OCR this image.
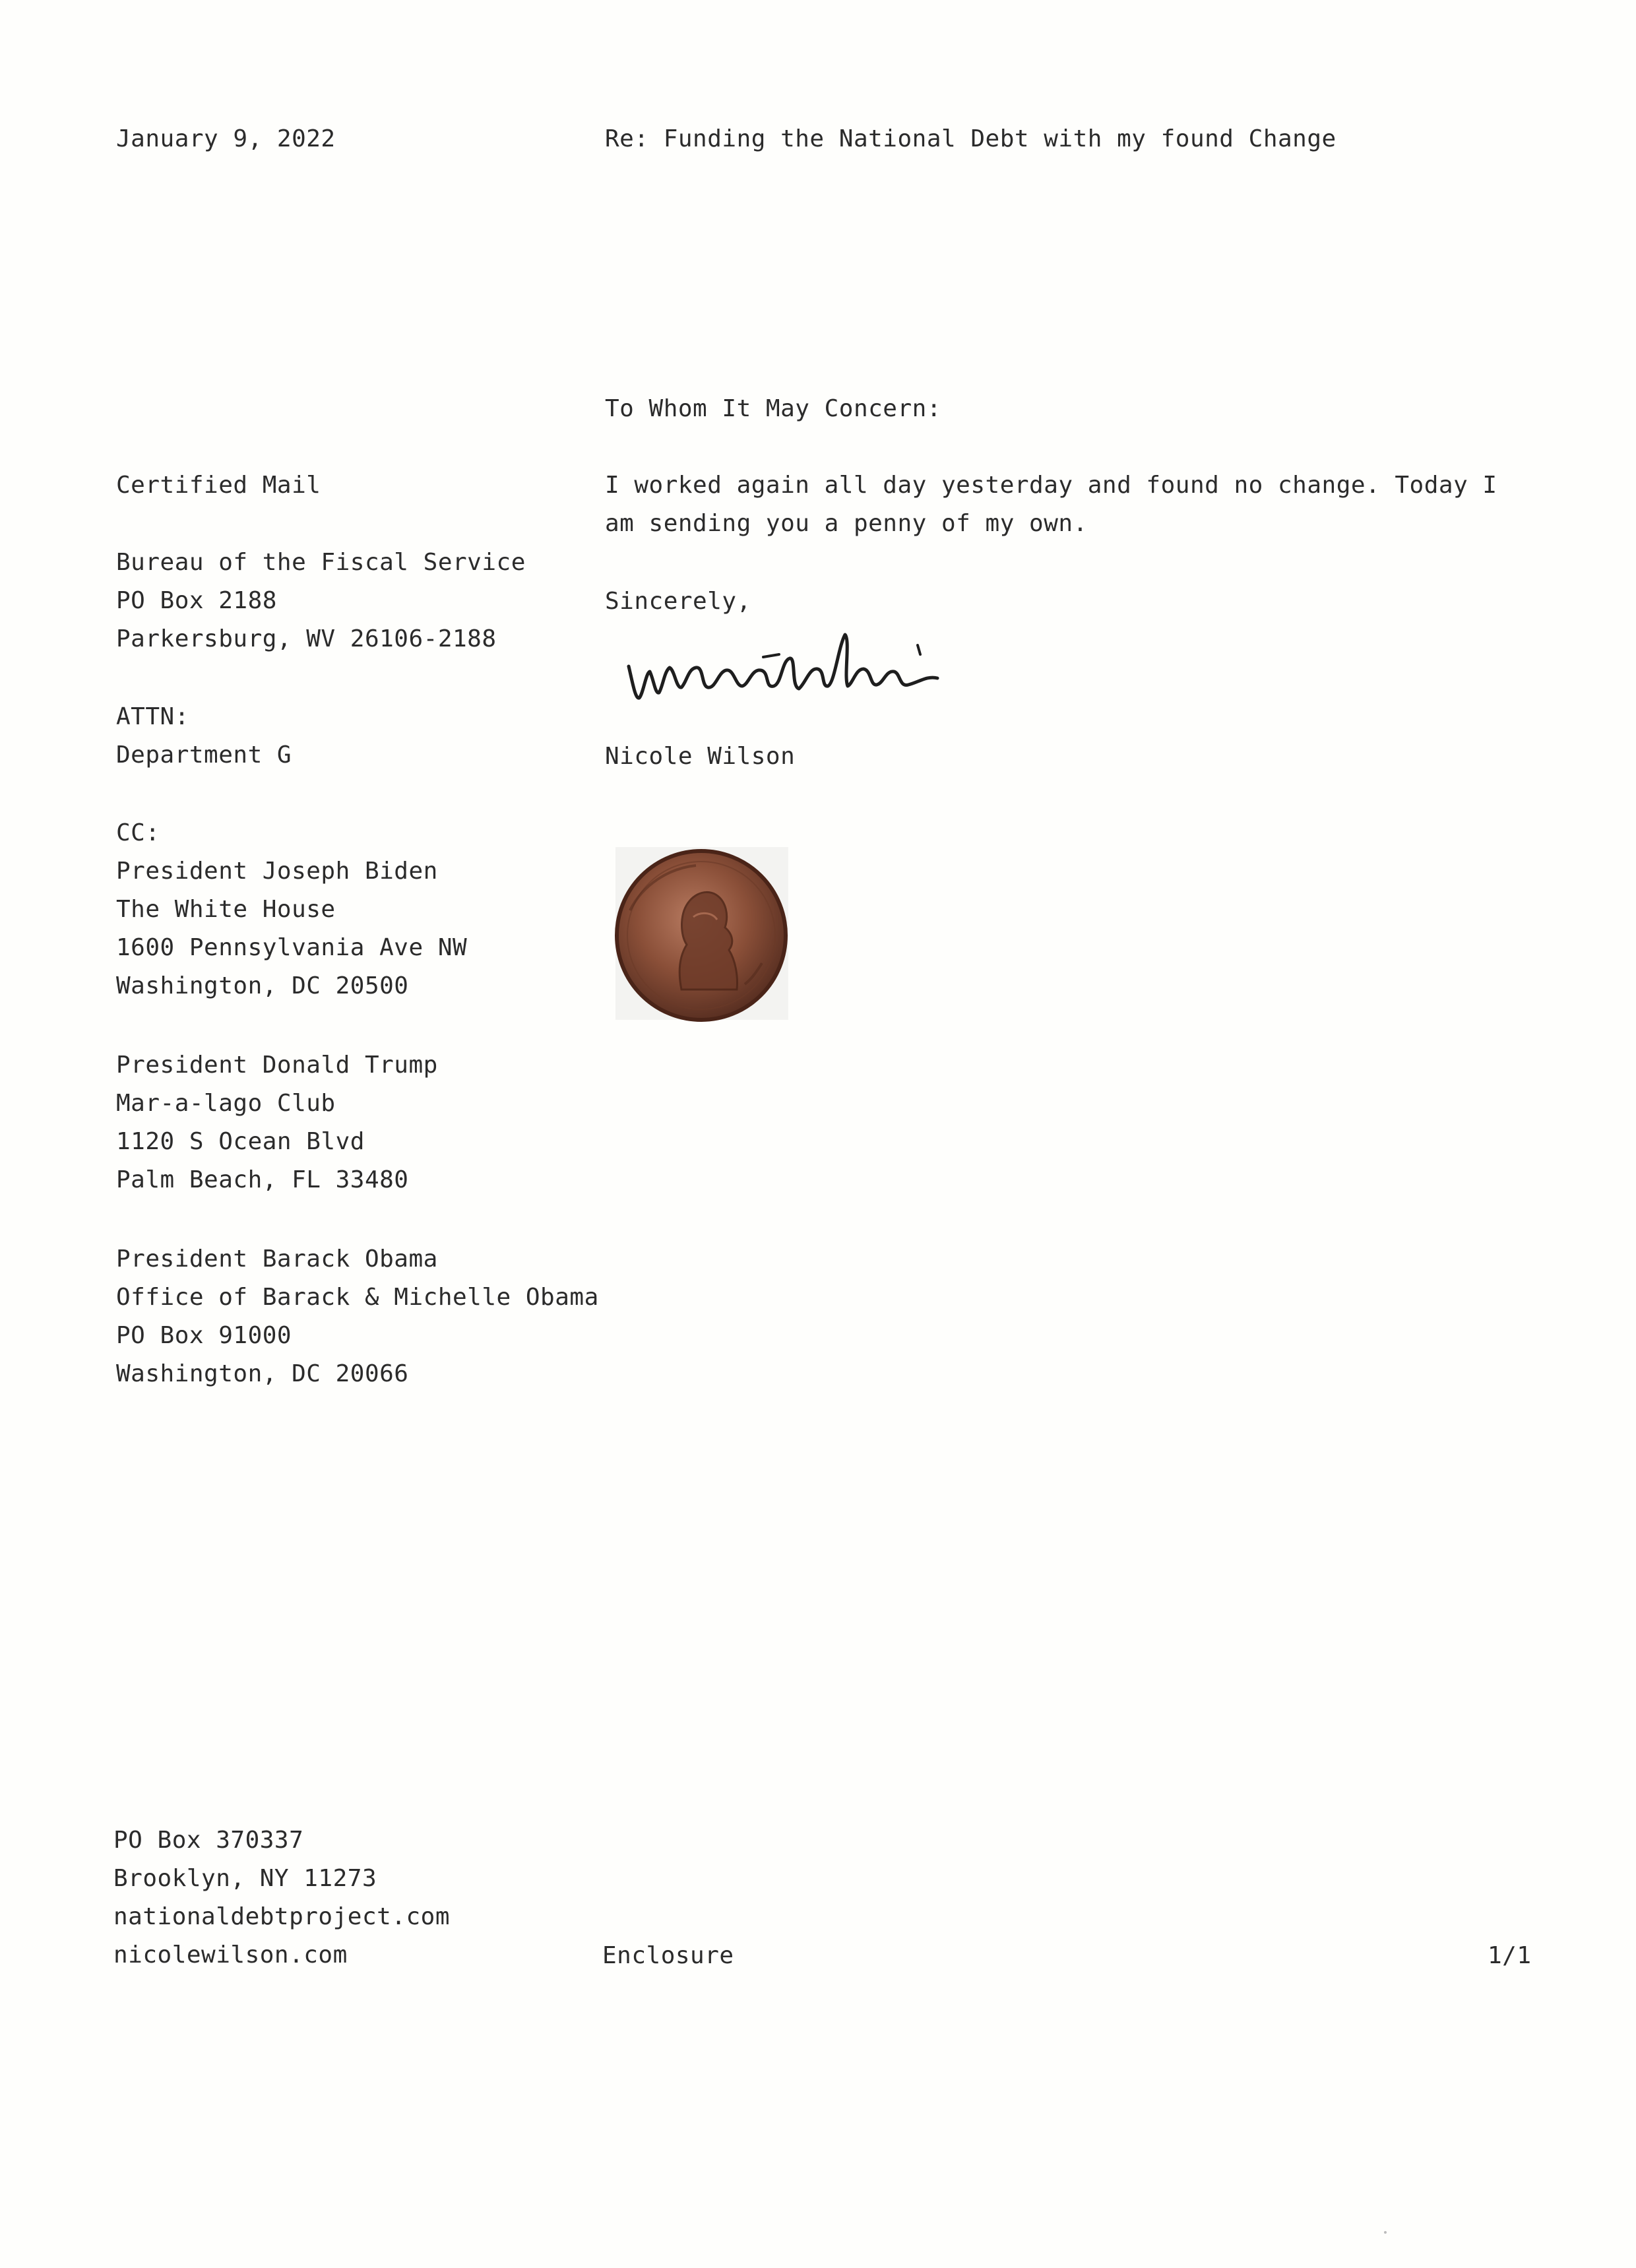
January 9, 2022	Re: Funding the National Debt with my found Change
To Whom It May Concern:
I worked again all day yesterday and found no change. Today I am sending you a penny of my own.
Sincerely,
Nicole Wilson
Certified Mail
Bureau of the Fiscal Service
PO Box 2188
Parkersburg, WV 26106-2188
ATTN:
Department G
CC:
President Joseph Biden
The White House
1600 Pennsylvania Ave NW
Washington, DC 20500
President Donald Trump
Mar-a-lago Club
1120 S Ocean Blvd
Palm Beach, FL 33480
President Barack Obama
Office of Barack & Michelle Obama
PO Box 91000
Washington, DC 20066
PO Box 370337
Brooklyn, NY 11273
nationaldebtproject.com
nicolewilson.com	Enclosure	1/1
